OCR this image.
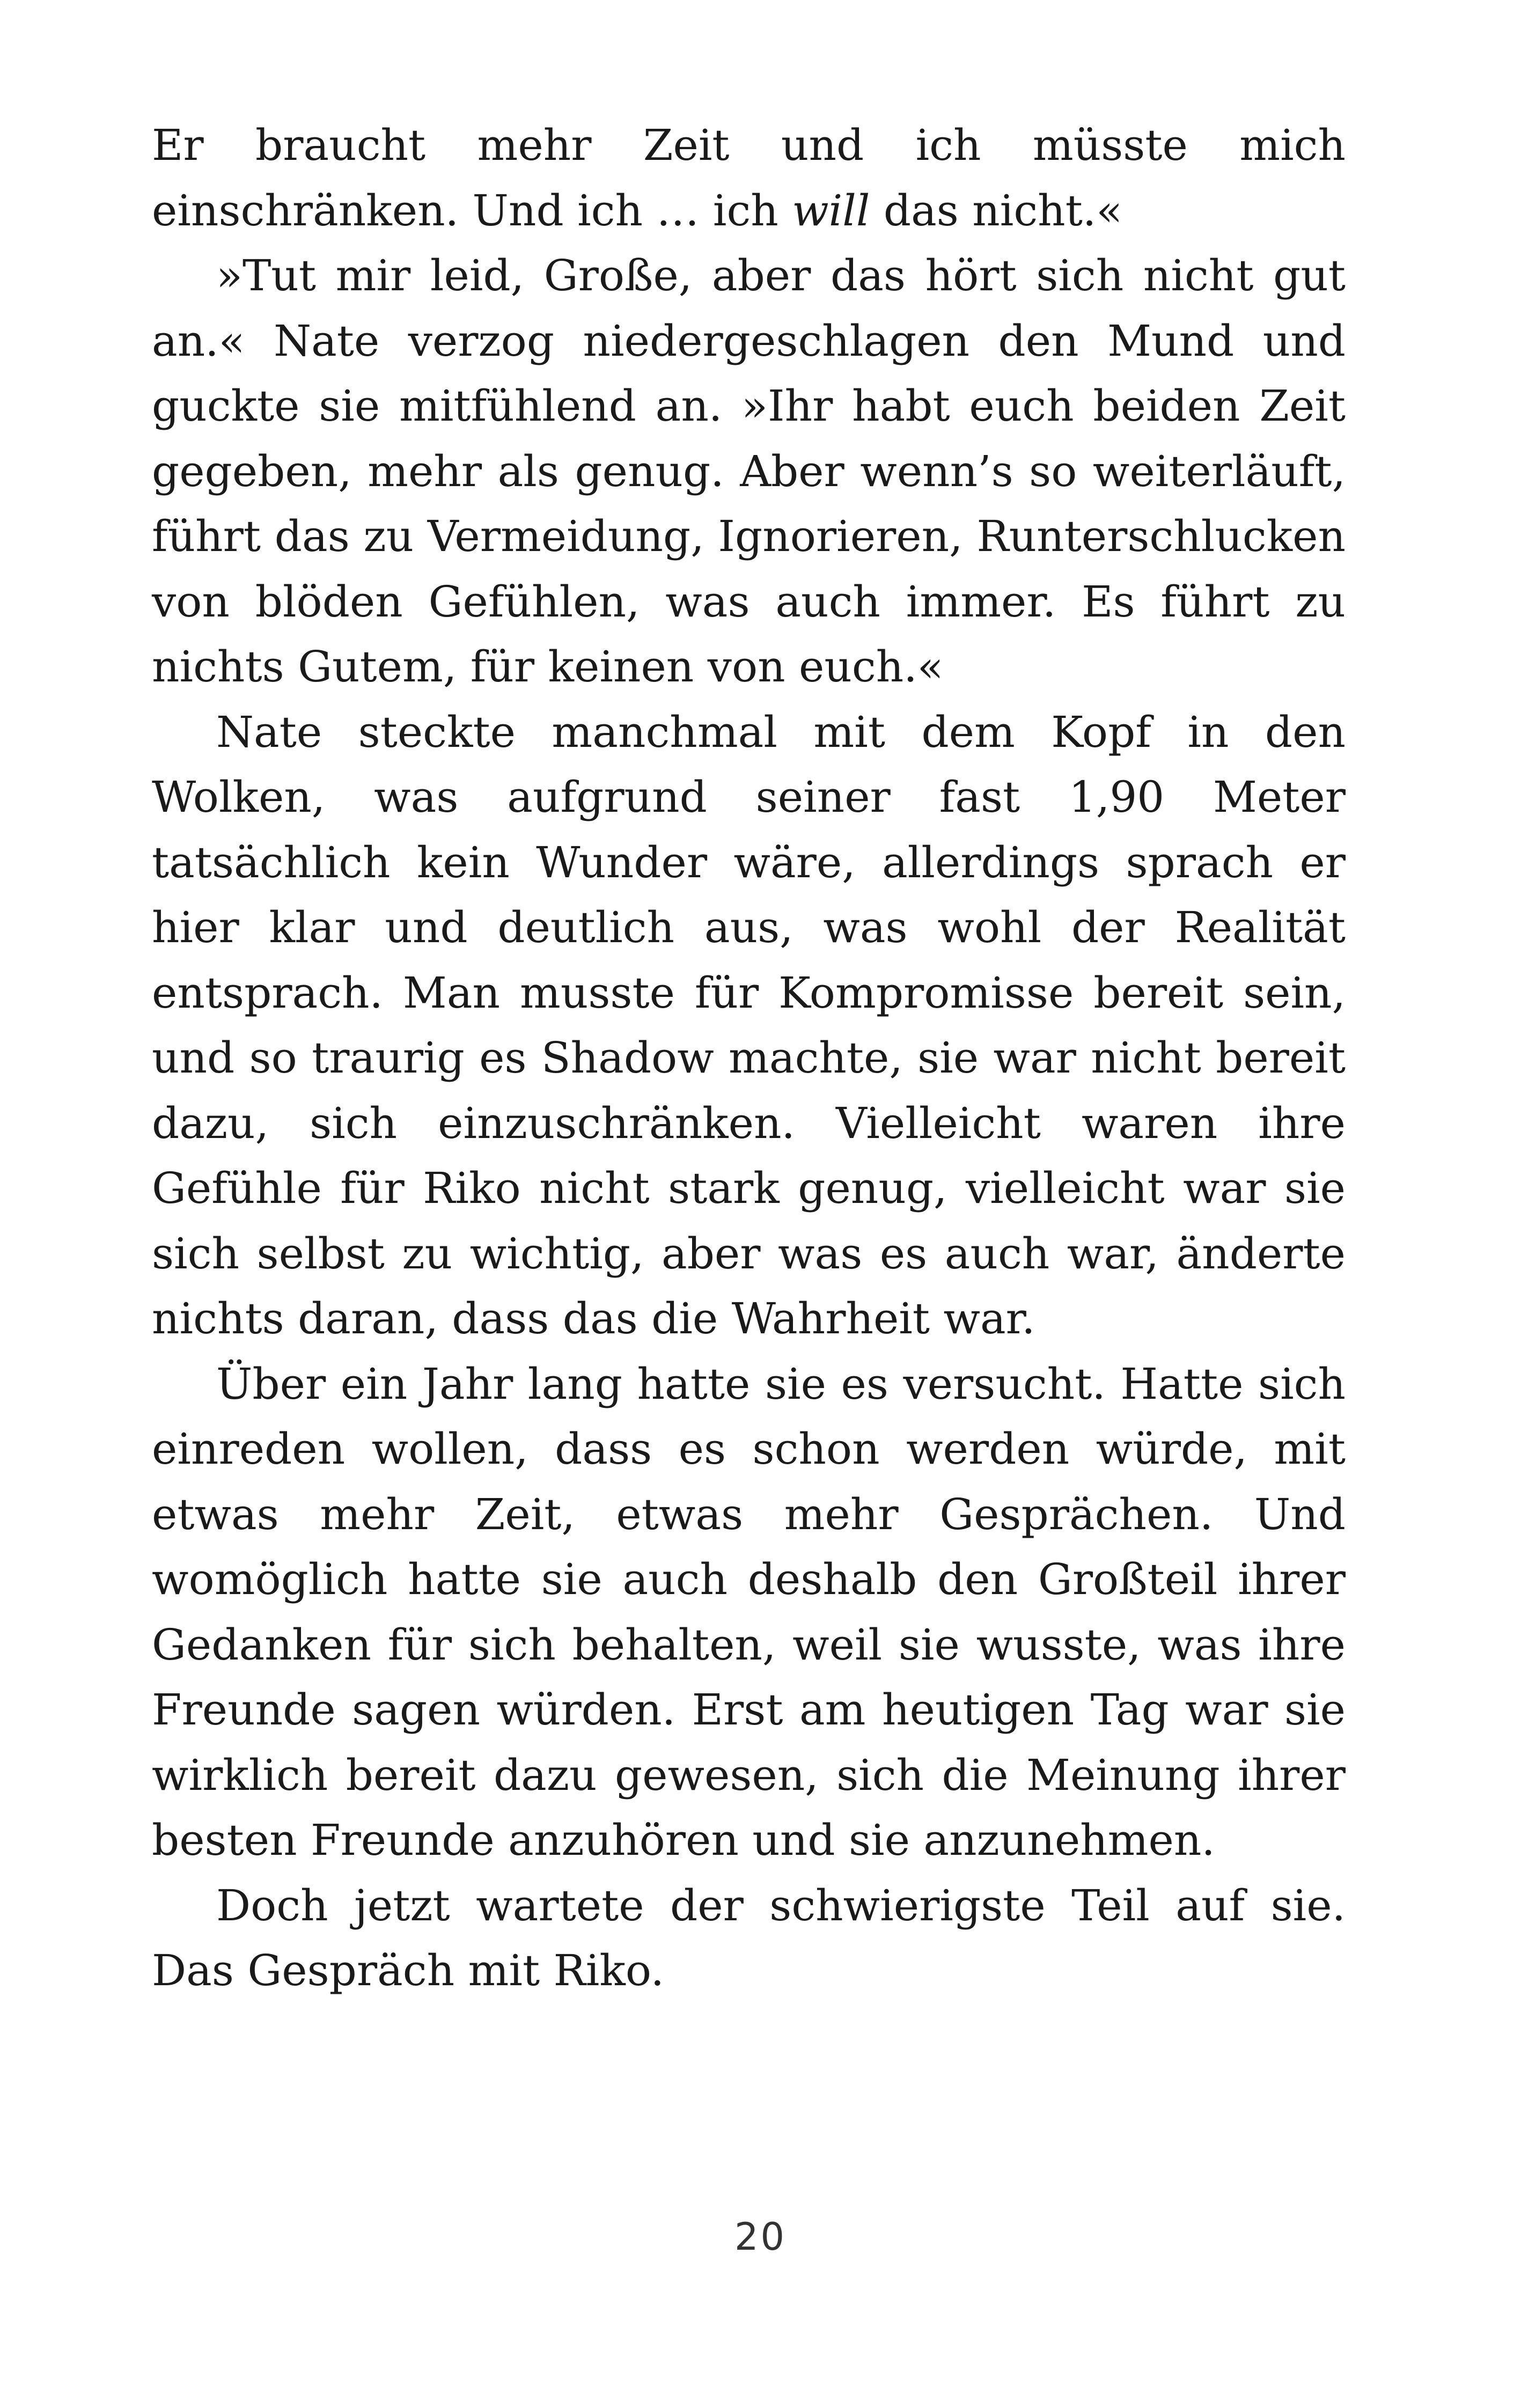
Er braucht mehr Zeit und ich müsste mich einschränken. Und ich … ich will das nicht.«

»Tut mir leid, Große, aber das hört sich nicht gut an.« Nate verzog niedergeschlagen den Mund und guckte sie mitfühlend an. »Ihr habt euch beiden Zeit gegeben, mehr als genug. Aber wenn’s so weiterläuft, führt das zu Vermeidung, Ignorieren, Runterschlucken von blöden Gefühlen, was auch immer. Es führt zu nichts Gutem, für keinen von euch.«

Nate steckte manchmal mit dem Kopf in den Wolken, was aufgrund seiner fast 1,90 Meter tatsächlich kein Wunder wäre, allerdings sprach er hier klar und deutlich aus, was wohl der Realität entsprach. Man musste für Kompromisse bereit sein, und so traurig es Shadow machte, sie war nicht bereit dazu, sich einzuschränken. Vielleicht waren ihre Gefühle für Riko nicht stark genug, vielleicht war sie sich selbst zu wichtig, aber was es auch war, änderte nichts daran, dass das die Wahrheit war.

Über ein Jahr lang hatte sie es versucht. Hatte sich einreden wollen, dass es schon werden würde, mit etwas mehr Zeit, etwas mehr Gesprächen. Und womöglich hatte sie auch deshalb den Großteil ihrer Gedanken für sich behalten, weil sie wusste, was ihre Freunde sagen würden. Erst am heutigen Tag war sie wirklich bereit dazu gewesen, sich die Meinung ihrer besten Freunde anzuhören und sie anzunehmen.

Doch jetzt wartete der schwierigste Teil auf sie. Das Gespräch mit Riko.

20
